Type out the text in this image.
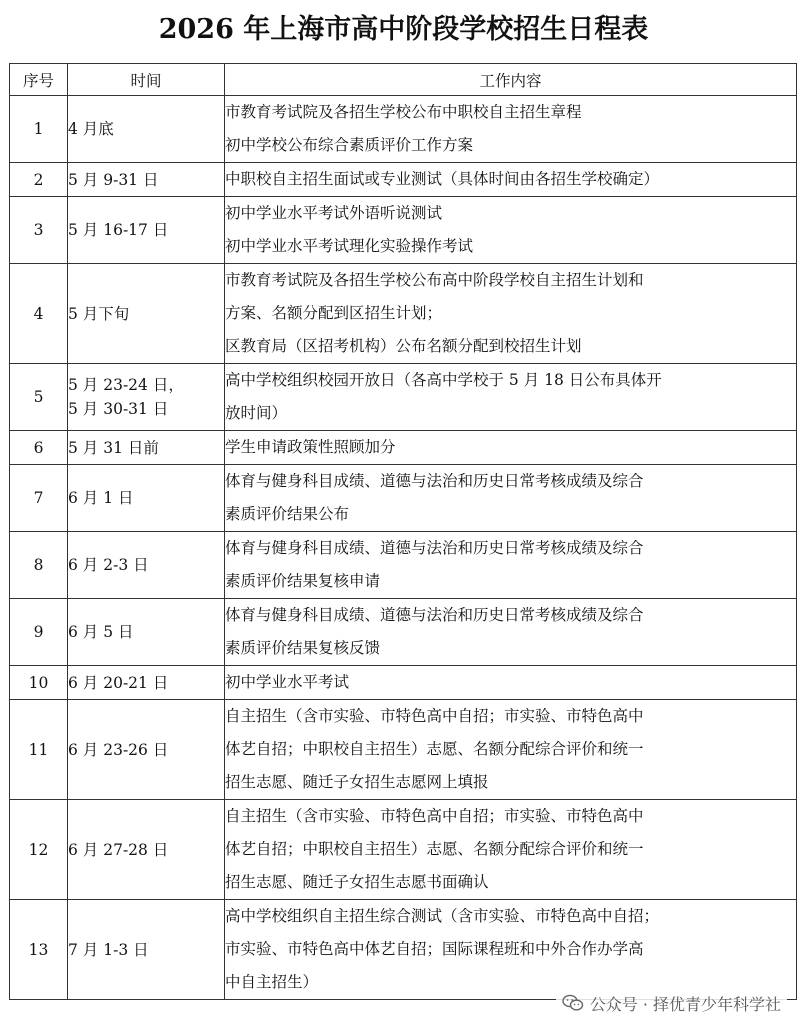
2026 年上海市高中阶段学校招生日程表
序号	时间	工作内容
1	4 月底	市教育考试院及各招生学校公布中职校自主招生章程
初中学校公布综合素质评价工作方案

2	5 月 9-31 日	中职校自主招生面试或专业测试（具体时间由各招生学校确定）

3	5 月 16-17 日	初中学业水平考试外语听说测试
初中学业水平考试理化实验操作考试

4	5 月下旬	市教育考试院及各招生学校公布高中阶段学校自主招生计划和
方案、名额分配到区招生计划；
区教育局（区招考机构）公布名额分配到校招生计划

5	5 月 23-24 日，
5 月 30-31 日	高中学校组织校园开放日（各高中学校于 5 月 18 日公布具体开
放时间）

6	5 月 31 日前	学生申请政策性照顾加分

7	6 月 1 日	体育与健身科目成绩、道德与法治和历史日常考核成绩及综合
素质评价结果公布

8	6 月 2-3 日	体育与健身科目成绩、道德与法治和历史日常考核成绩及综合
素质评价结果复核申请

9	6 月 5 日	体育与健身科目成绩、道德与法治和历史日常考核成绩及综合
素质评价结果复核反馈

10	6 月 20-21 日	初中学业水平考试

11	6 月 23-26 日	自主招生（含市实验、市特色高中自招；市实验、市特色高中
体艺自招；中职校自主招生）志愿、名额分配综合评价和统一
招生志愿、随迁子女招生志愿网上填报

12	6 月 27-28 日	自主招生（含市实验、市特色高中自招；市实验、市特色高中
体艺自招；中职校自主招生）志愿、名额分配综合评价和统一
招生志愿、随迁子女招生志愿书面确认

13	7 月 1-3 日	高中学校组织自主招生综合测试（含市实验、市特色高中自招；
市实验、市特色高中体艺自招；国际课程班和中外合作办学高
中自主招生）
公众号 · 择优青少年科学社
